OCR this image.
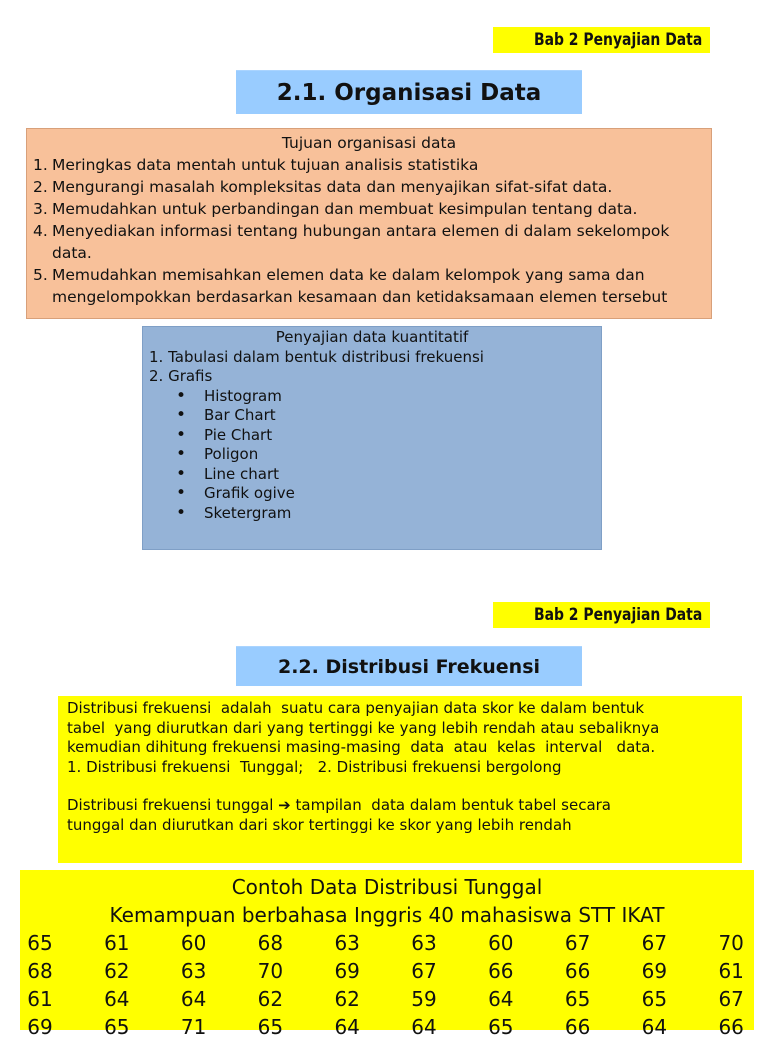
Bab 2 Penyajian Data
2.1. Organisasi Data
Tujuan organisasi data
1. Meringkas data mentah untuk tujuan analisis statistika
2. Mengurangi masalah kompleksitas data dan menyajikan sifat-sifat data.
3. Memudahkan untuk perbandingan dan membuat kesimpulan tentang data.
4. Menyediakan informasi tentang hubungan antara elemen di dalam sekelompok data.
5. Memudahkan memisahkan elemen data ke dalam kelompok yang sama dan mengelompokkan berdasarkan kesamaan dan ketidaksamaan elemen tersebut
Penyajian data kuantitatif
1. Tabulasi dalam bentuk distribusi frekuensi
2. Grafis
• Histogram
• Bar Chart
• Pie Chart
• Poligon
• Line chart
• Grafik ogive
• Sketergram
Bab 2 Penyajian Data
2.2. Distribusi Frekuensi

Distribusi frekuensi  adalah  suatu cara penyajian data skor ke dalam bentuk

tabel  yang diurutkan dari yang tertinggi ke yang lebih rendah atau sebaliknya

kemudian dihitung frekuensi masing-masing  data  atau  kelas  interval   data.

1. Distribusi frekuensi  Tunggal;   2. Distribusi frekuensi bergolong

Distribusi frekuensi tunggal ➔ tampilan  data dalam bentuk tabel secara

tunggal dan diurutkan dari skor tertinggi ke skor yang lebih rendah

Contoh Data Distribusi Tunggal
Kemampuan berbahasa Inggris 40 mahasiswa STT IKAT
65	61	60	68	63	63	60	67	67	70
68	62	63	70	69	67	66	66	69	61
61	64	64	62	62	59	64	65	65	67
69	65	71	65	64	64	65	66	64	66
